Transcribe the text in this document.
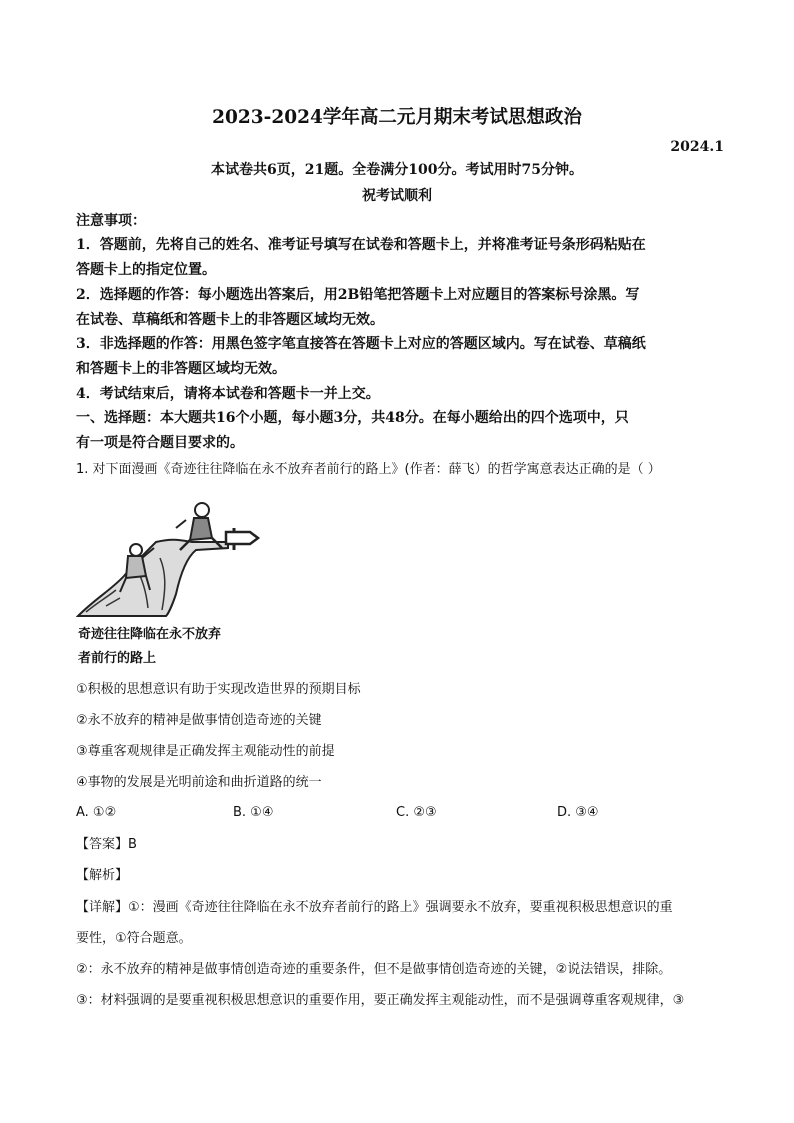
2023-2024学年高二元月期末考试思想政治
2024.1
本试卷共6页，21题。全卷满分100分。考试用时75分钟。
祝考试顺利
注意事项：
1．答题前，先将自己的姓名、准考证号填写在试卷和答题卡上，并将准考证号条形码粘贴在
答题卡上的指定位置。
2．选择题的作答：每小题选出答案后，用2B铅笔把答题卡上对应题目的答案标号涂黑。写
在试卷、草稿纸和答题卡上的非答题区域均无效。
3．非选择题的作答：用黑色签字笔直接答在答题卡上对应的答题区域内。写在试卷、草稿纸
和答题卡上的非答题区域均无效。
4．考试结束后，请将本试卷和答题卡一并上交。
一、选择题：本大题共16个小题，每小题3分，共48分。在每小题给出的四个选项中，只
有一项是符合题目要求的。
1. 对下面漫画《奇迹往往降临在永不放弃者前行的路上》(作者：薛飞）的哲学寓意表达正确的是（ ）
奇迹往往降临在永不放弃
者前行的路上
①积极的思想意识有助于实现改造世界的预期目标
②永不放弃的精神是做事情创造奇迹的关键
③尊重客观规律是正确发挥主观能动性的前提
④事物的发展是光明前途和曲折道路的统一
A. ①②	B. ①④	C. ②③	D. ③④
【答案】B
【解析】
【详解】①：漫画《奇迹往往降临在永不放弃者前行的路上》强调要永不放弃，要重视积极思想意识的重
要性，①符合题意。
②：永不放弃的精神是做事情创造奇迹的重要条件，但不是做事情创造奇迹的关键，②说法错误，排除。
③：材料强调的是要重视积极思想意识的重要作用，要正确发挥主观能动性，而不是强调尊重客观规律，③
